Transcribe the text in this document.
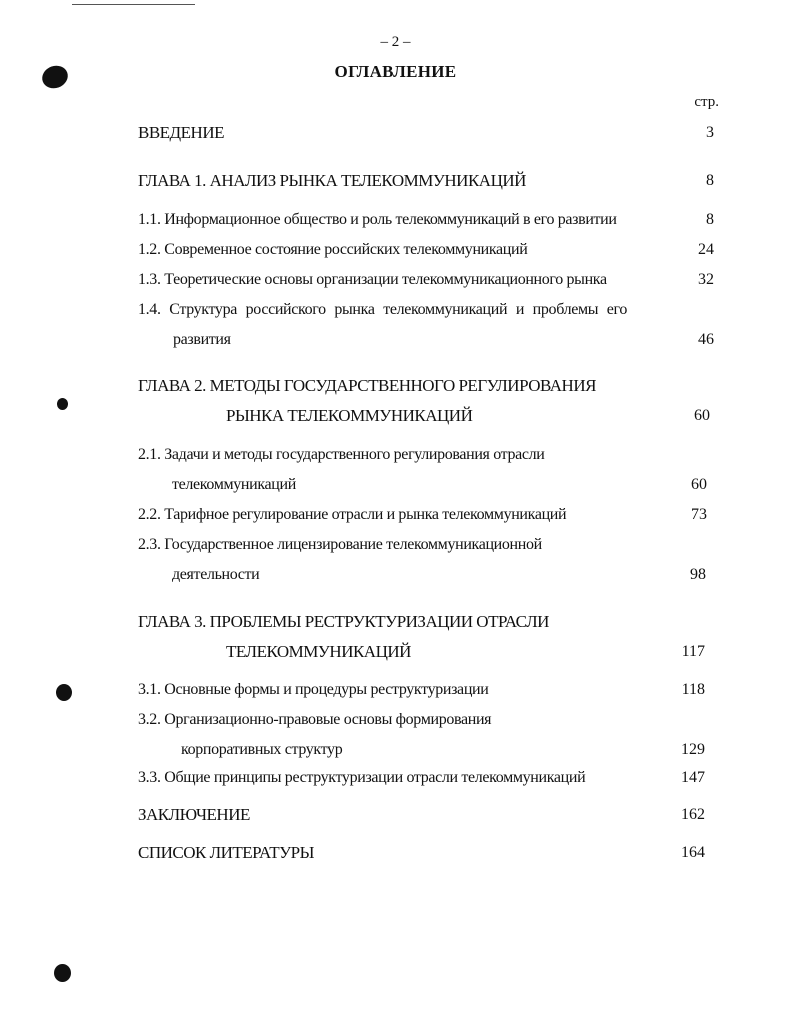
– 2 –
ОГЛАВЛЕНИЕ
стр.
ВВЕДЕНИЕ	3
ГЛАВА 1. АНАЛИЗ РЫНКА ТЕЛЕКОММУНИКАЦИЙ	8
1.1. Информационное общество и роль телекоммуникаций в его развитии	8
1.2. Современное состояние российских телекоммуникаций	24
1.3. Теоретические основы организации телекоммуникационного рынка	32
1.4. Структура российского рынка телекоммуникаций и проблемы его
развития	46
ГЛАВА 2. МЕТОДЫ ГОСУДАРСТВЕННОГО РЕГУЛИРОВАНИЯ
РЫНКА ТЕЛЕКОММУНИКАЦИЙ	60
2.1. Задачи и методы государственного регулирования отрасли
телекоммуникаций	60
2.2. Тарифное регулирование отрасли и рынка телекоммуникаций	73
2.3. Государственное лицензирование телекоммуникационной
деятельности	98
ГЛАВА 3. ПРОБЛЕМЫ РЕСТРУКТУРИЗАЦИИ ОТРАСЛИ
ТЕЛЕКОММУНИКАЦИЙ	117
3.1. Основные формы и процедуры реструктуризации	118
3.2. Организационно-правовые основы формирования
корпоративных структур	129
3.3. Общие принципы реструктуризации отрасли телекоммуникаций	147
ЗАКЛЮЧЕНИЕ	162
СПИСОК ЛИТЕРАТУРЫ	164
